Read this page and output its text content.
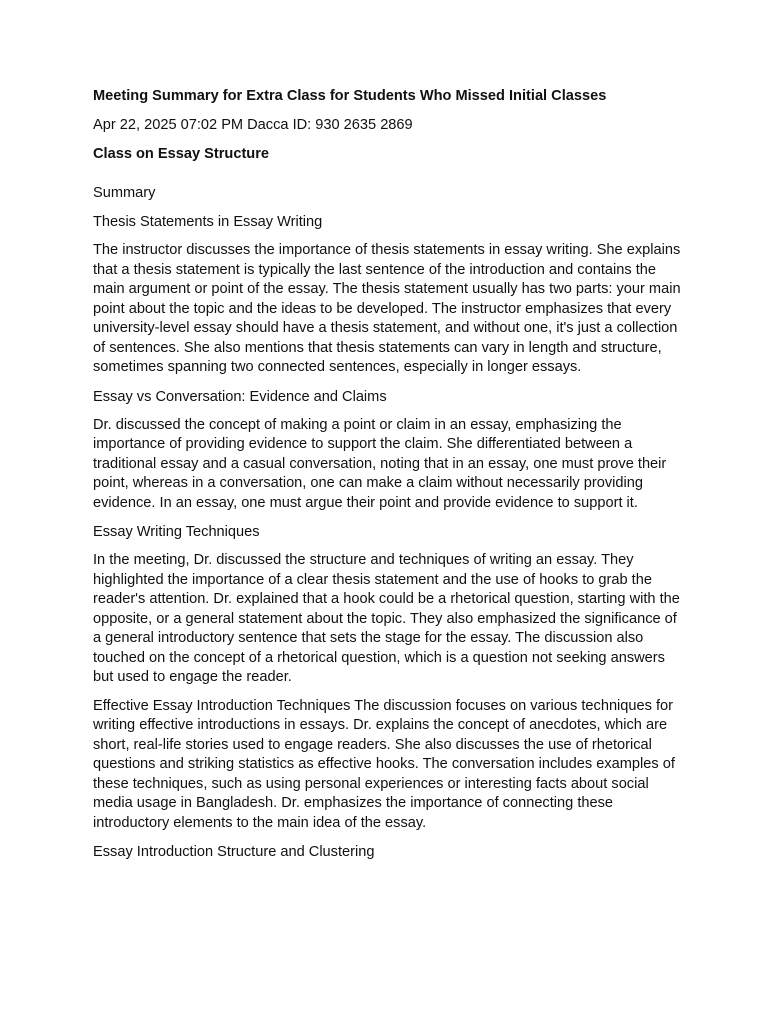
Meeting Summary for Extra Class for Students Who Missed Initial Classes
Apr 22, 2025 07:02 PM Dacca ID: 930 2635 2869
Class on Essay Structure
Summary
Thesis Statements in Essay Writing
The instructor discusses the importance of thesis statements in essay writing. She explains that a thesis statement is typically the last sentence of the introduction and contains the main argument or point of the essay. The thesis statement usually has two parts: your main point about the topic and the ideas to be developed. The instructor emphasizes that every university-level essay should have a thesis statement, and without one, it's just a collection of sentences. She also mentions that thesis statements can vary in length and structure, sometimes spanning two connected sentences, especially in longer essays.
Essay vs Conversation: Evidence and Claims
Dr. discussed the concept of making a point or claim in an essay, emphasizing the importance of providing evidence to support the claim. She differentiated between a traditional essay and a casual conversation, noting that in an essay, one must prove their point, whereas in a conversation, one can make a claim without necessarily providing evidence. In an essay, one must argue their point and provide evidence to support it.
Essay Writing Techniques
In the meeting, Dr. discussed the structure and techniques of writing an essay. They highlighted the importance of a clear thesis statement and the use of hooks to grab the reader's attention. Dr. explained that a hook could be a rhetorical question, starting with the opposite, or a general statement about the topic. They also emphasized the significance of a general introductory sentence that sets the stage for the essay. The discussion also touched on the concept of a rhetorical question, which is a question not seeking answers but used to engage the reader.
Effective Essay Introduction Techniques The discussion focuses on various techniques for writing effective introductions in essays. Dr. explains the concept of anecdotes, which are short, real-life stories used to engage readers. She also discusses the use of rhetorical questions and striking statistics as effective hooks. The conversation includes examples of these techniques, such as using personal experiences or interesting facts about social media usage in Bangladesh. Dr. emphasizes the importance of connecting these introductory elements to the main idea of the essay.
Essay Introduction Structure and Clustering
